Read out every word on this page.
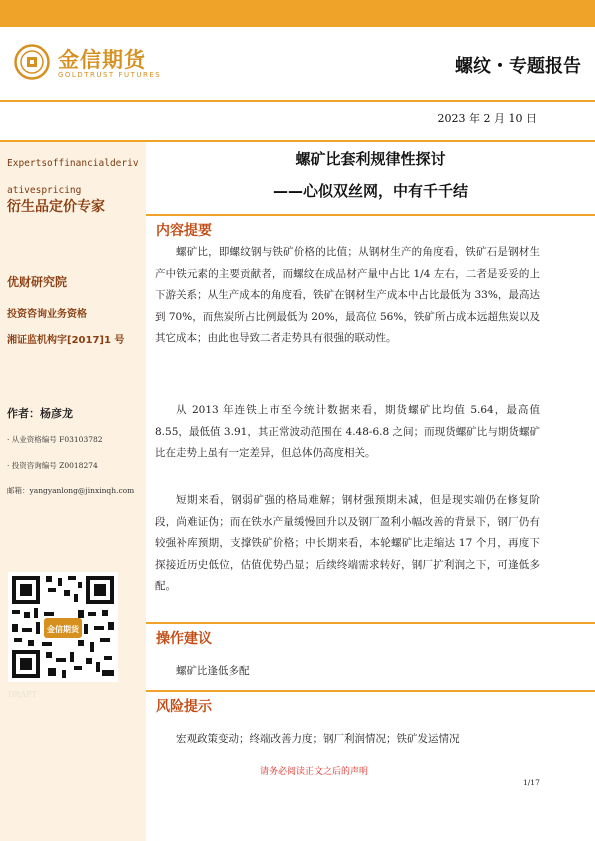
金信期货
GOLDTRUST FUTURES	螺纹・专题报告
2023 年 2 月 10 日
Expertsoffinancialderivativespricing
衍生品定价专家
优财研究院
投资咨询业务资格
湘证监机构字[2017]1 号
作者：杨彦龙
· 从业资格编号 F03103782
· 投资咨询编号 Z0018274
邮箱：yangyanlong@jinxinqh.com
金信期货
DRAFT
螺矿比套利规律性探讨
——心似双丝网，中有千千结
内容提要

螺矿比，即螺纹钢与铁矿价格的比值；从钢材生产的角度看，铁矿石是钢材生产中铁元素的主要贡献者，而螺纹在成品材产量中占比 1/4 左右，二者是妥妥的上下游关系；从生产成本的角度看，铁矿在钢材生产成本中占比最低为 33%，最高达到 70%，而焦炭所占比例最低为 20%，最高位 56%，铁矿所占成本远超焦炭以及其它成本；由此也导致二者走势具有很强的联动性。

从 2013 年连铁上市至今统计数据来看，期货螺矿比均值 5.64，最高值 8.55，最低值 3.91，其正常波动范围在 4.48-6.8 之间；而现货螺矿比与期货螺矿比在走势上虽有一定差异，但总体仍高度相关。

短期来看，钢弱矿强的格局难解；钢材强预期未减，但是现实端仍在修复阶段，尚难证伪；而在铁水产量缓慢回升以及钢厂盈利小幅改善的背景下，钢厂仍有较强补库预期，支撑铁矿价格；中长期来看，本轮螺矿比走缩达 17 个月，再度下探接近历史低位，估值优势凸显；后续终端需求转好，钢厂扩利润之下，可逢低多配。

操作建议
螺矿比逢低多配
风险提示
宏观政策变动；终端改善力度；钢厂利润情况；铁矿发运情况
请务必阅读正文之后的声明
1/17
